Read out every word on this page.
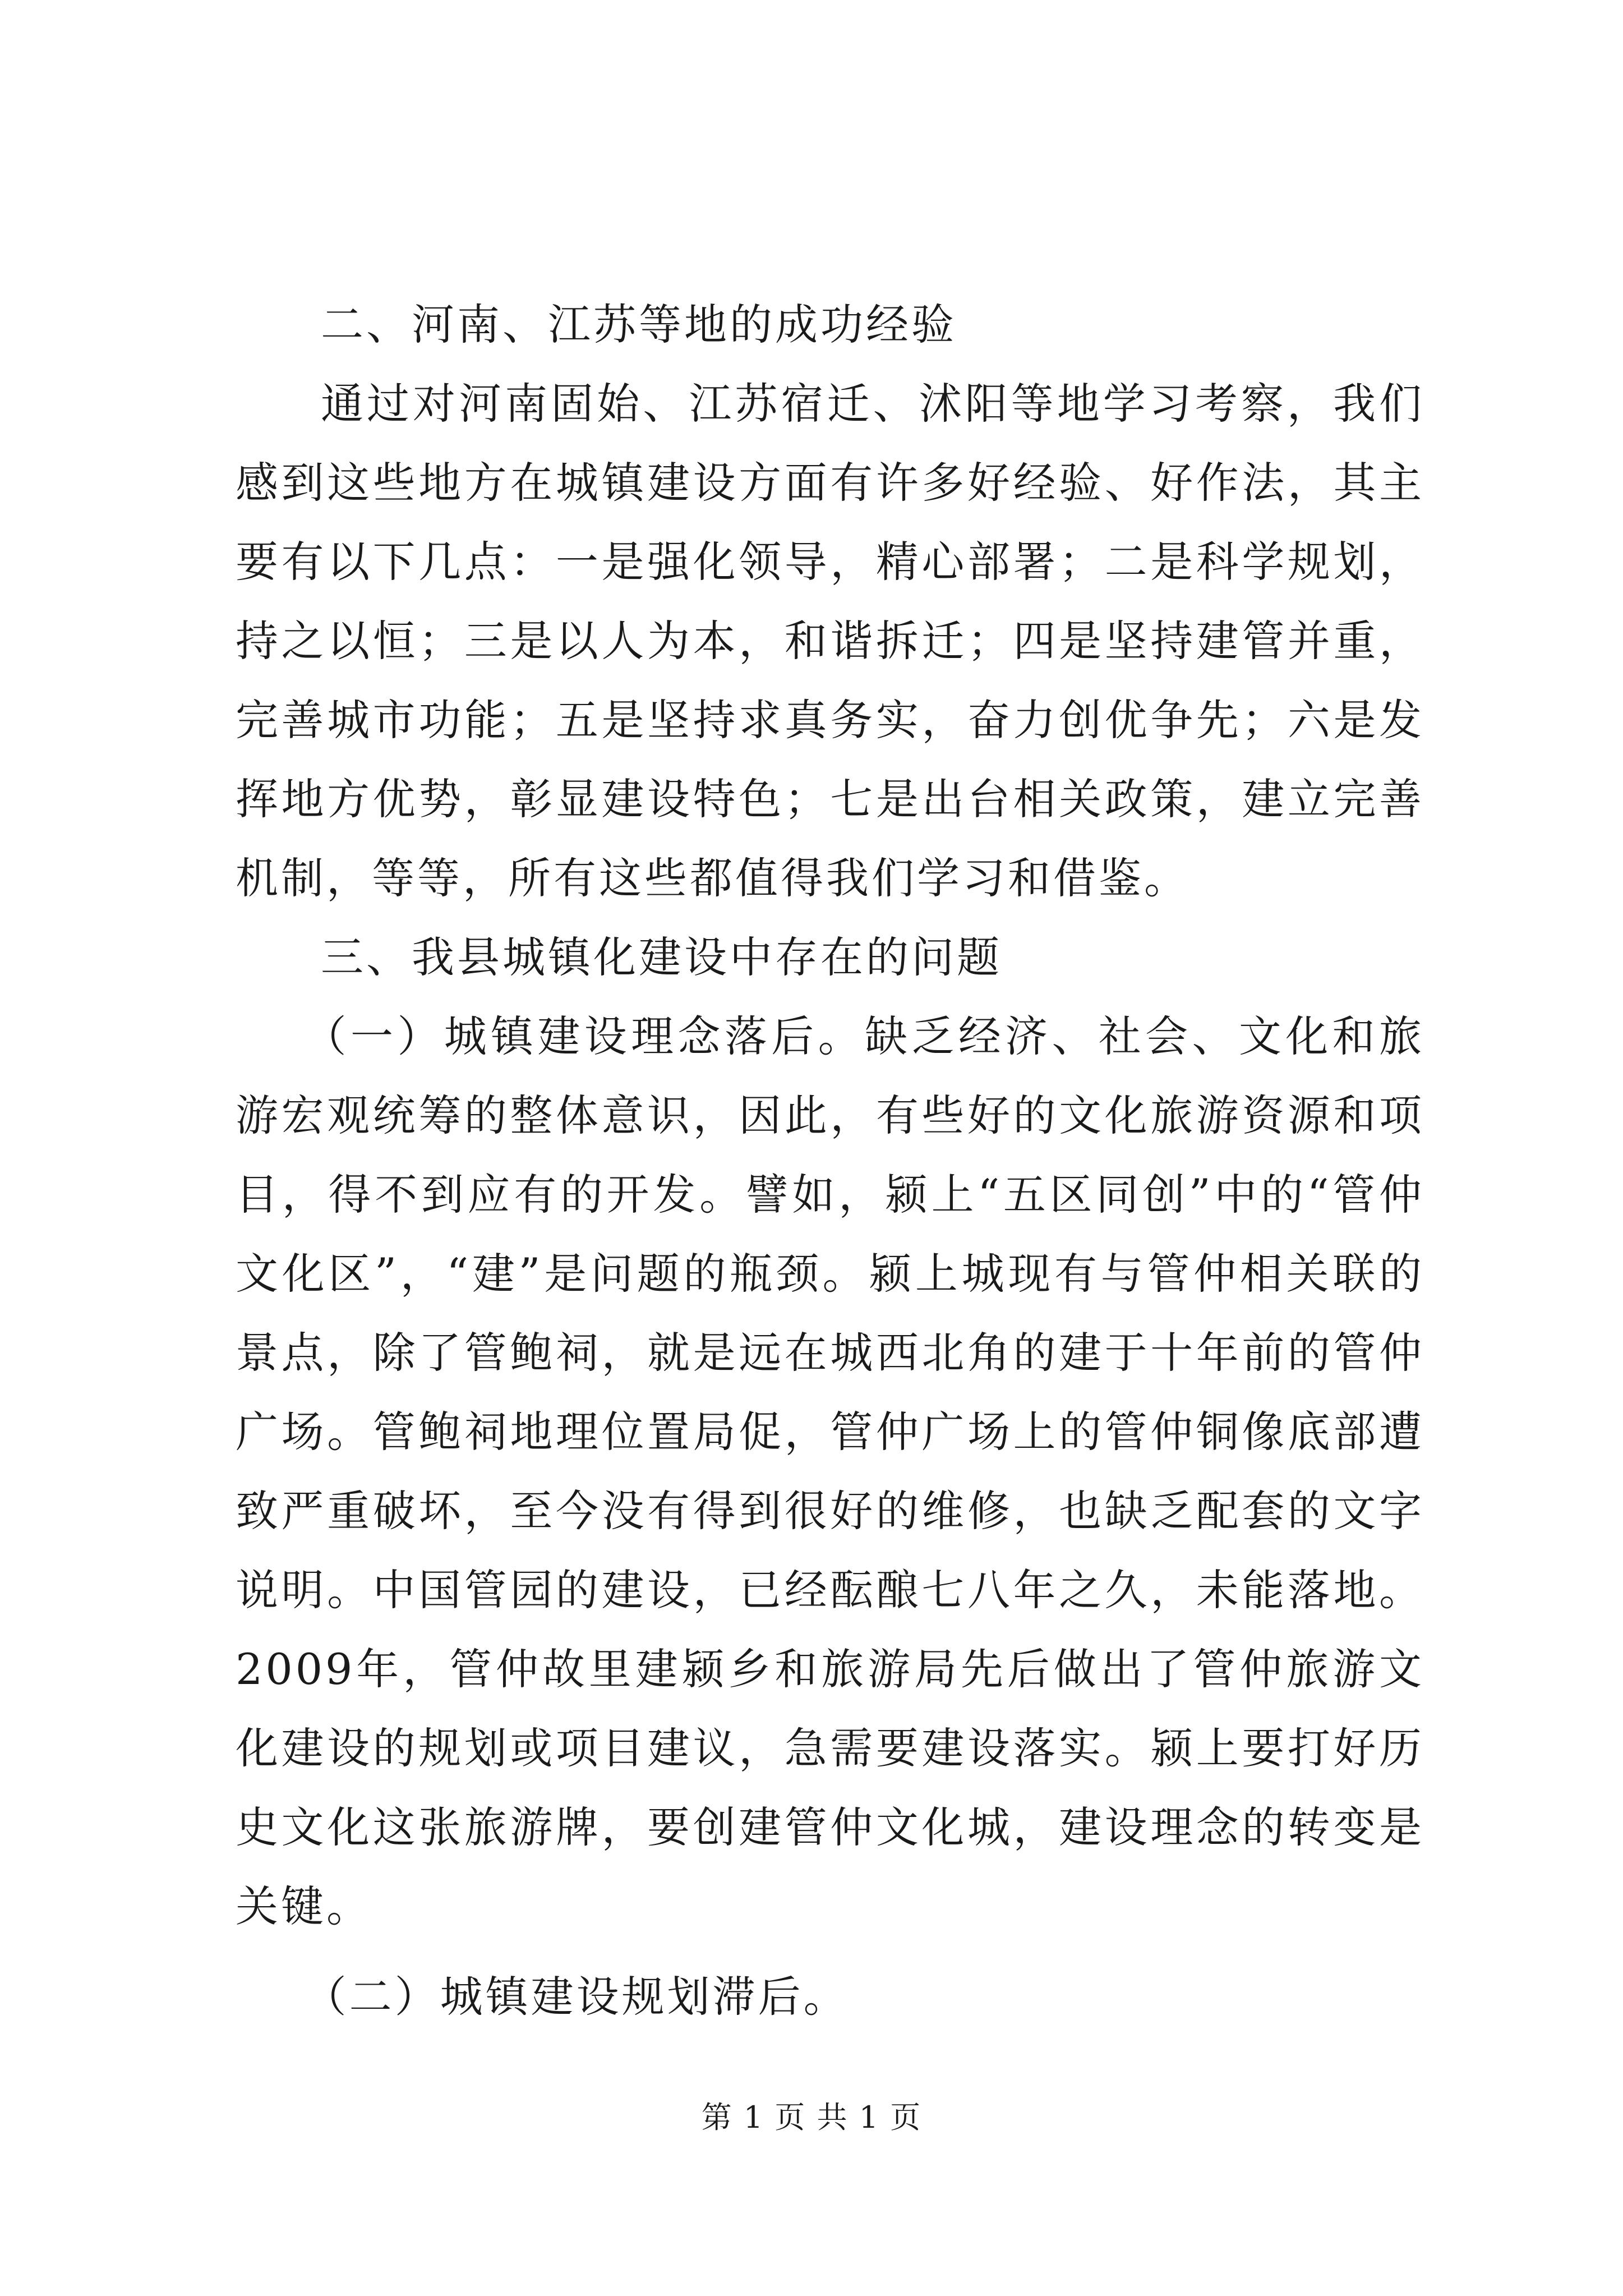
二、河南、江苏等地的成功经验

通过对河南固始、江苏宿迁、沭阳等地学习考察，我们感到这些地方在城镇建设方面有许多好经验、好作法，其主要有以下几点：一是强化领导，精心部署；二是科学规划，持之以恒；三是以人为本，和谐拆迁；四是坚持建管并重，完善城市功能；五是坚持求真务实，奋力创优争先；六是发挥地方优势，彰显建设特色；七是出台相关政策，建立完善机制，等等，所有这些都值得我们学习和借鉴。

三、我县城镇化建设中存在的问题

（一）城镇建设理念落后。缺乏经济、社会、文化和旅游宏观统筹的整体意识，因此，有些好的文化旅游资源和项目，得不到应有的开发。譬如，颍上“五区同创”中的“管仲文化区”，“建”是问题的瓶颈。颍上城现有与管仲相关联的景点，除了管鲍祠，就是远在城西北角的建于十年前的管仲广场。管鲍祠地理位置局促，管仲广场上的管仲铜像底部遭致严重破坏，至今没有得到很好的维修，也缺乏配套的文字说明。中国管园的建设，已经酝酿七八年之久，未能落地。2009年，管仲故里建颍乡和旅游局先后做出了管仲旅游文化建设的规划或项目建议，急需要建设落实。颍上要打好历史文化这张旅游牌，要创建管仲文化城，建设理念的转变是关键。

（二）城镇建设规划滞后。

第 1 页 共 1 页
